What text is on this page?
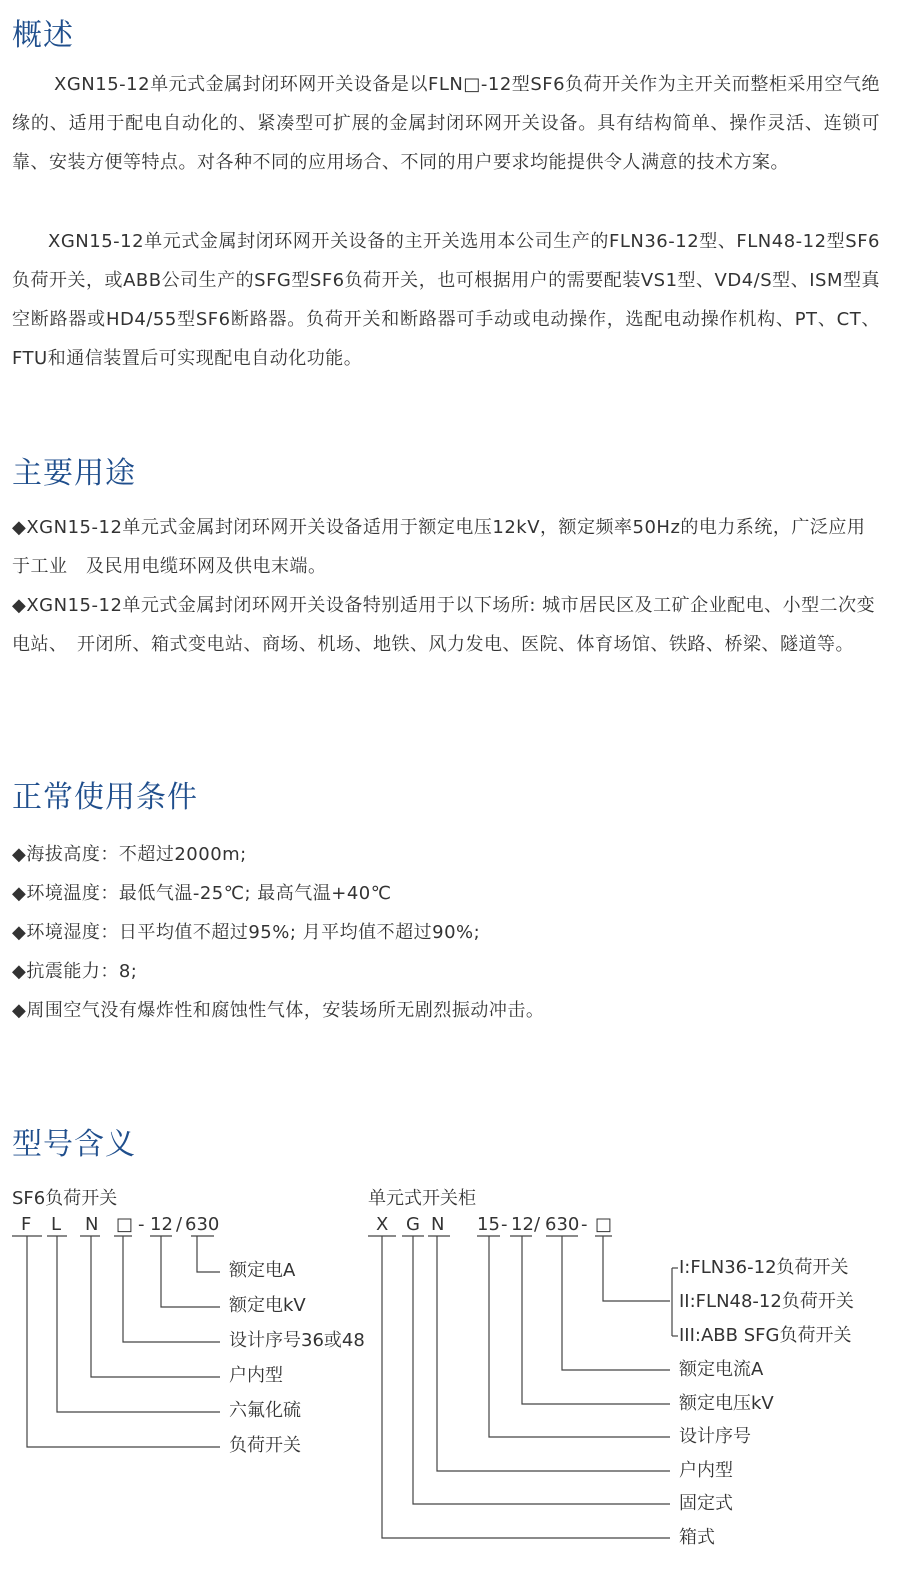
概述

XGN15-12单元式金属封闭环网开关设备是以FLN□-12型SF6负荷开关作为主开关而整柜采用空气绝缘的、适用于配电自动化的、紧凑型可扩展的金属封闭环网开关设备。具有结构简单、操作灵活、连锁可靠、安装方便等特点。对各种不同的应用场合、不同的用户要求均能提供令人满意的技术方案。

XGN15-12单元式金属封闭环网开关设备的主开关选用本公司生产的FLN36-12型、FLN48-12型SF6负荷开关，或ABB公司生产的SFG型SF6负荷开关，也可根据用户的需要配装VS1型、VD4/S型、ISM型真空断路器或HD4/55型SF6断路器。负荷开关和断路器可手动或电动操作，选配电动操作机构、PT、CT、FTU和通信装置后可实现配电自动化功能。

主要用途
◆XGN15-12单元式金属封闭环网开关设备适用于额定电压12kV，额定频率50Hz的电力系统，广泛应用于工业　及民用电缆环网及供电末端。
◆XGN15-12单元式金属封闭环网开关设备特别适用于以下场所: 城市居民区及工矿企业配电、小型二次变电站、　开闭所、箱式变电站、商场、机场、地铁、风力发电、医院、体育场馆、铁路、桥梁、隧道等。
正常使用条件
◆海拔高度：不超过2000m;
◆环境温度：最低气温-25℃; 最高气温+40℃
◆环境湿度：日平均值不超过95%; 月平均值不超过90%;
◆抗震能力：8;
◆周围空气没有爆炸性和腐蚀性气体，安装场所无剧烈振动冲击。
型号含义
SF6负荷开关
F L N □ - 12 / 630
额定电A
额定电kV
设计序号36或48
户内型
六氟化硫
负荷开关
单元式开关柜
X G N 15 - 12 / 630 - □
I:FLN36-12负荷开关
II:FLN48-12负荷开关
III:ABB SFG负荷开关
额定电流A
额定电压kV
设计序号
户内型
固定式
箱式
